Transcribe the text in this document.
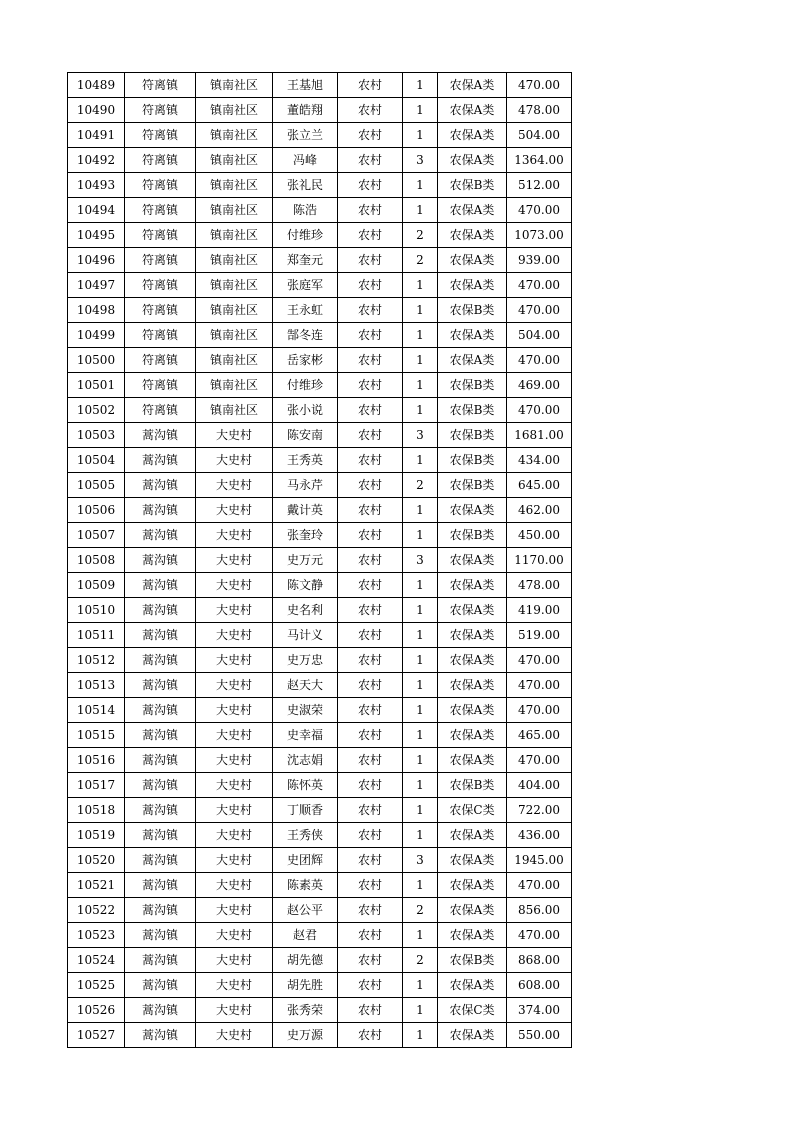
10489	符离镇	镇南社区	王基旭	农村	1	农保A类	470.00
10490	符离镇	镇南社区	董皓翔	农村	1	农保A类	478.00
10491	符离镇	镇南社区	张立兰	农村	1	农保A类	504.00
10492	符离镇	镇南社区	冯峰	农村	3	农保A类	1364.00
10493	符离镇	镇南社区	张礼民	农村	1	农保B类	512.00
10494	符离镇	镇南社区	陈浩	农村	1	农保A类	470.00
10495	符离镇	镇南社区	付维珍	农村	2	农保A类	1073.00
10496	符离镇	镇南社区	郑奎元	农村	2	农保A类	939.00
10497	符离镇	镇南社区	张庭军	农村	1	农保A类	470.00
10498	符离镇	镇南社区	王永虹	农村	1	农保B类	470.00
10499	符离镇	镇南社区	郜冬连	农村	1	农保A类	504.00
10500	符离镇	镇南社区	岳家彬	农村	1	农保A类	470.00
10501	符离镇	镇南社区	付维珍	农村	1	农保B类	469.00
10502	符离镇	镇南社区	张小说	农村	1	农保B类	470.00
10503	蒿沟镇	大史村	陈安南	农村	3	农保B类	1681.00
10504	蒿沟镇	大史村	王秀英	农村	1	农保B类	434.00
10505	蒿沟镇	大史村	马永芹	农村	2	农保B类	645.00
10506	蒿沟镇	大史村	戴计英	农村	1	农保A类	462.00
10507	蒿沟镇	大史村	张奎玲	农村	1	农保B类	450.00
10508	蒿沟镇	大史村	史万元	农村	3	农保A类	1170.00
10509	蒿沟镇	大史村	陈文静	农村	1	农保A类	478.00
10510	蒿沟镇	大史村	史名利	农村	1	农保A类	419.00
10511	蒿沟镇	大史村	马计义	农村	1	农保A类	519.00
10512	蒿沟镇	大史村	史万忠	农村	1	农保A类	470.00
10513	蒿沟镇	大史村	赵天大	农村	1	农保A类	470.00
10514	蒿沟镇	大史村	史淑荣	农村	1	农保A类	470.00
10515	蒿沟镇	大史村	史幸福	农村	1	农保A类	465.00
10516	蒿沟镇	大史村	沈志娟	农村	1	农保A类	470.00
10517	蒿沟镇	大史村	陈怀英	农村	1	农保B类	404.00
10518	蒿沟镇	大史村	丁顺香	农村	1	农保C类	722.00
10519	蒿沟镇	大史村	王秀侠	农村	1	农保A类	436.00
10520	蒿沟镇	大史村	史团辉	农村	3	农保A类	1945.00
10521	蒿沟镇	大史村	陈素英	农村	1	农保A类	470.00
10522	蒿沟镇	大史村	赵公平	农村	2	农保A类	856.00
10523	蒿沟镇	大史村	赵君	农村	1	农保A类	470.00
10524	蒿沟镇	大史村	胡先德	农村	2	农保B类	868.00
10525	蒿沟镇	大史村	胡先胜	农村	1	农保A类	608.00
10526	蒿沟镇	大史村	张秀荣	农村	1	农保C类	374.00
10527	蒿沟镇	大史村	史万源	农村	1	农保A类	550.00
